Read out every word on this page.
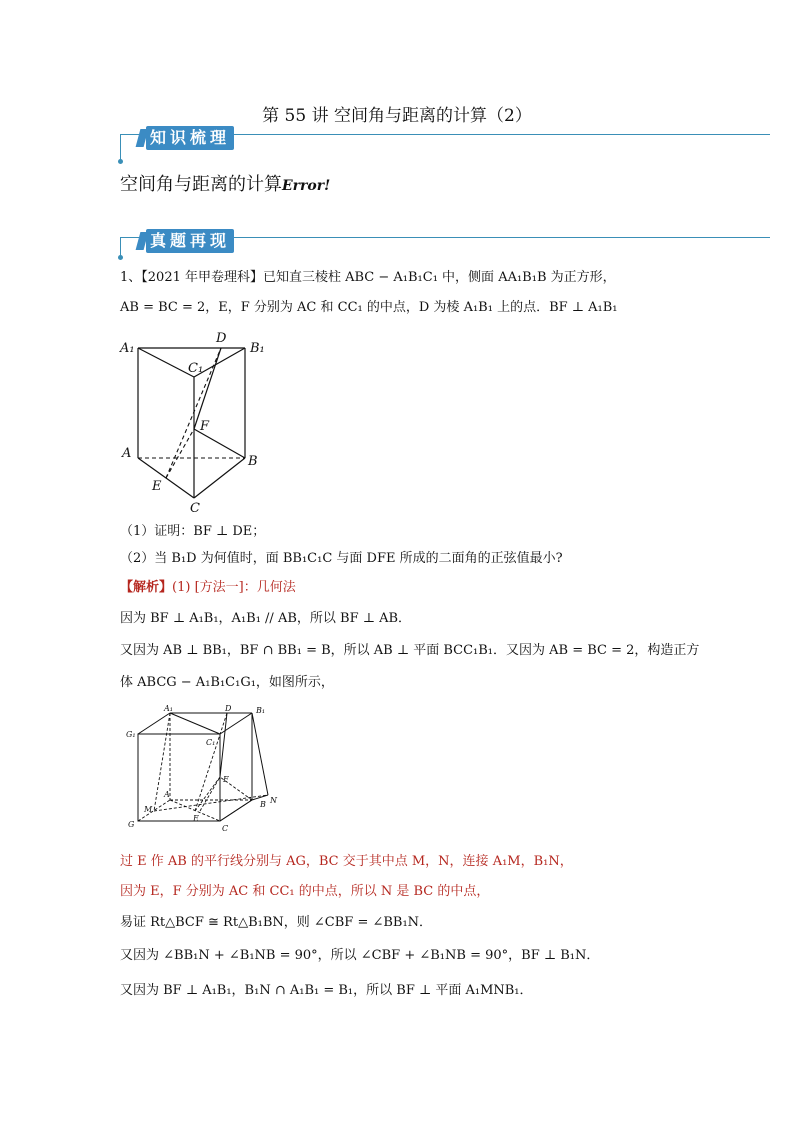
第 55 讲 空间角与距离的计算（2）
知识梳理
空间角与距离的计算Error!
真题再现
1、【2021 年甲卷理科】已知直三棱柱 ABC − A₁B₁C₁ 中，侧面 AA₁B₁B 为正方形，
AB = BC = 2，E，F 分别为 AC 和 CC₁ 的中点，D 为棱 A₁B₁ 上的点．BF ⊥ A₁B₁
A₁	B₁
C₁
D
F
A
B
E
C
（1）证明：BF ⊥ DE；
（2）当 B₁D 为何值时，面 BB₁C₁C 与面 DFE 所成的二面角的正弦值最小?
【解析】(1) [方法一]：几何法
因为 BF ⊥ A₁B₁，A₁B₁ // AB，所以 BF ⊥ AB．
又因为 AB ⊥ BB₁，BF ∩ BB₁ = B，所以 AB ⊥ 平面 BCC₁B₁．又因为 AB = BC = 2，构造正方
体 ABCG − A₁B₁C₁G₁，如图所示，
A₁	D	B₁
G₁
C₁
F
A
B
M
N
G
E
C
过 E 作 AB 的平行线分别与 AG，BC 交于其中点 M，N，连接 A₁M，B₁N，
因为 E，F 分别为 AC 和 CC₁ 的中点，所以 N 是 BC 的中点，
易证 Rt△BCF ≅ Rt△B₁BN，则 ∠CBF = ∠BB₁N．
又因为 ∠BB₁N + ∠B₁NB = 90°，所以 ∠CBF + ∠B₁NB = 90°，BF ⊥ B₁N．
又因为 BF ⊥ A₁B₁，B₁N ∩ A₁B₁ = B₁，所以 BF ⊥ 平面 A₁MNB₁．
